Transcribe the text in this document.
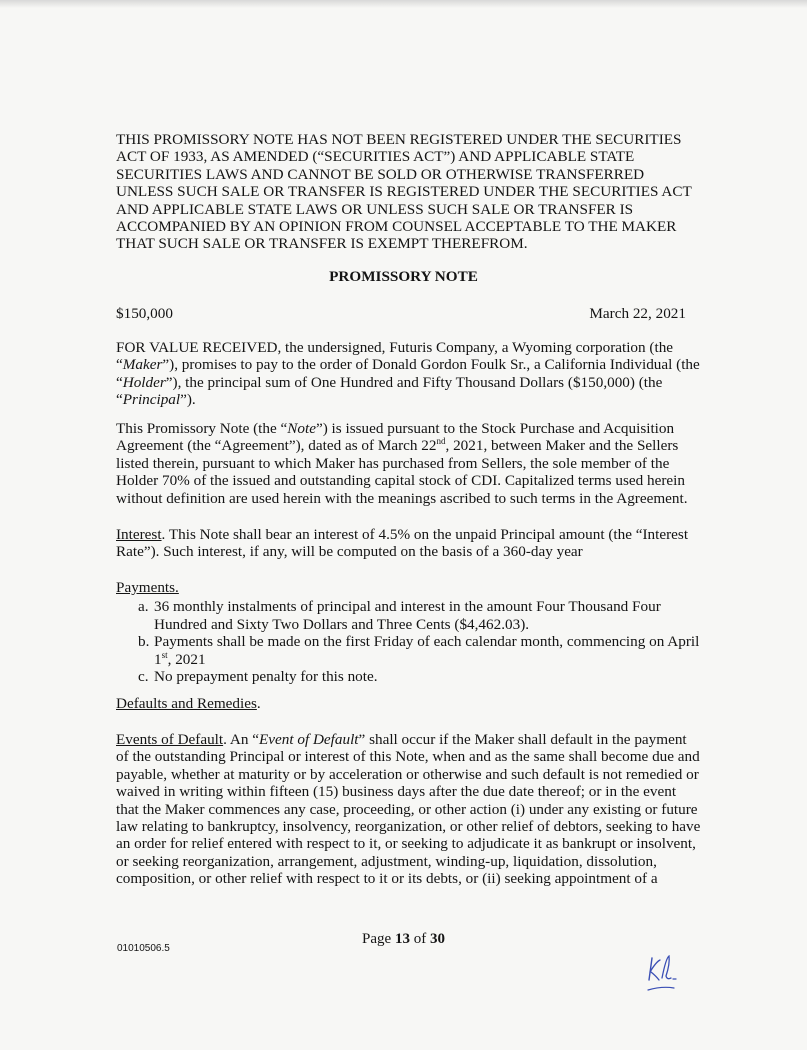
THIS PROMISSORY NOTE HAS NOT BEEN REGISTERED UNDER THE SECURITIES ACT OF 1933, AS AMENDED (“SECURITIES ACT”) AND APPLICABLE STATE SECURITIES LAWS AND CANNOT BE SOLD OR OTHERWISE TRANSFERRED UNLESS SUCH SALE OR TRANSFER IS REGISTERED UNDER THE SECURITIES ACT AND APPLICABLE STATE LAWS OR UNLESS SUCH SALE OR TRANSFER IS ACCOMPANIED BY AN OPINION FROM COUNSEL ACCEPTABLE TO THE MAKER THAT SUCH SALE OR TRANSFER IS EXEMPT THEREFROM.

PROMISSORY NOTE
$150,000	March 22, 2021

FOR VALUE RECEIVED, the undersigned, Futuris Company, a Wyoming corporation (the “Maker”), promises to pay to the order of Donald Gordon Foulk Sr., a California Individual (the “Holder”), the principal sum of One Hundred and Fifty Thousand Dollars ($150,000) (the “Principal”).

This Promissory Note (the “Note”) is issued pursuant to the Stock Purchase and Acquisition Agreement (the “Agreement”), dated as of March 22nd, 2021, between Maker and the Sellers listed therein, pursuant to which Maker has purchased from Sellers, the sole member of the Holder 70% of the issued and outstanding capital stock of CDI. Capitalized terms used herein without definition are used herein with the meanings ascribed to such terms in the Agreement.

Interest. This Note shall bear an interest of 4.5% on the unpaid Principal amount (the “Interest Rate”). Such interest, if any, will be computed on the basis of a 360-day year

Payments.
a. 36 monthly instalments of principal and interest in the amount Four Thousand Four Hundred and Sixty Two Dollars and Three Cents ($4,462.03).
b. Payments shall be made on the first Friday of each calendar month, commencing on April 1st, 2021
c. No prepayment penalty for this note.

Defaults and Remedies.

Events of Default. An “Event of Default” shall occur if the Maker shall default in the payment of the outstanding Principal or interest of this Note, when and as the same shall become due and payable, whether at maturity or by acceleration or otherwise and such default is not remedied or waived in writing within fifteen (15) business days after the due date thereof; or in the event that the Maker commences any case, proceeding, or other action (i) under any existing or future law relating to bankruptcy, insolvency, reorganization, or other relief of debtors, seeking to have an order for relief entered with respect to it, or seeking to adjudicate it as bankrupt or insolvent, or seeking reorganization, arrangement, adjustment, winding-up, liquidation, dissolution, composition, or other relief with respect to it or its debts, or (ii) seeking appointment of a

Page 13 of 30
01010506.5
